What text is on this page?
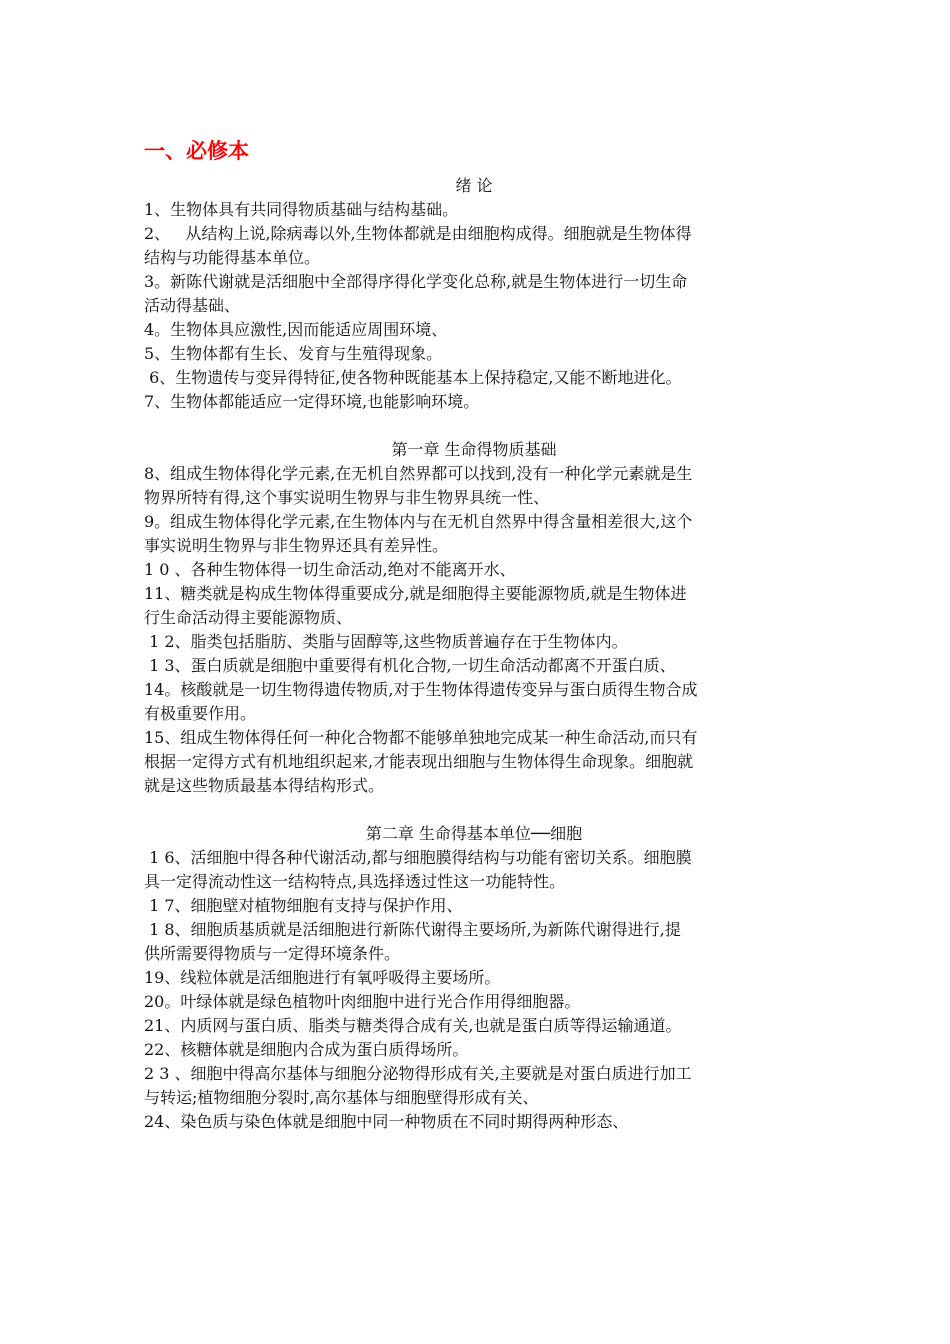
一、必修本
绪 论
1、生物体具有共同得物质基础与结构基础。
2、   从结构上说,除病毒以外,生物体都就是由细胞构成得。细胞就是生物体得
结构与功能得基本单位。
3。新陈代谢就是活细胞中全部得序得化学变化总称,就是生物体进行一切生命
活动得基础、
4。生物体具应激性,因而能适应周围环境、
5、生物体都有生长、发育与生殖得现象。
6、生物遗传与变异得特征,使各物种既能基本上保持稳定,又能不断地进化。
7、生物体都能适应一定得环境,也能影响环境。
第一章 生命得物质基础
8、组成生物体得化学元素,在无机自然界都可以找到,没有一种化学元素就是生
物界所特有得,这个事实说明生物界与非生物界具统一性、
9。组成生物体得化学元素,在生物体内与在无机自然界中得含量相差很大,这个
事实说明生物界与非生物界还具有差异性。
1 0 、各种生物体得一切生命活动,绝对不能离开水、
11、糖类就是构成生物体得重要成分,就是细胞得主要能源物质,就是生物体进
行生命活动得主要能源物质、
1 2、脂类包括脂肪、类脂与固醇等,这些物质普遍存在于生物体内。
1 3、蛋白质就是细胞中重要得有机化合物,一切生命活动都离不开蛋白质、
14。核酸就是一切生物得遗传物质,对于生物体得遗传变异与蛋白质得生物合成
有极重要作用。
15、组成生物体得任何一种化合物都不能够单独地完成某一种生命活动,而只有
根据一定得方式有机地组织起来,才能表现出细胞与生物体得生命现象。细胞就
就是这些物质最基本得结构形式。
第二章 生命得基本单位──细胞
1 6、活细胞中得各种代谢活动,都与细胞膜得结构与功能有密切关系。细胞膜
具一定得流动性这一结构特点,具选择透过性这一功能特性。
1 7、细胞壁对植物细胞有支持与保护作用、
1 8、细胞质基质就是活细胞进行新陈代谢得主要场所,为新陈代谢得进行,提
供所需要得物质与一定得环境条件。
19、线粒体就是活细胞进行有氧呼吸得主要场所。
20。叶绿体就是绿色植物叶肉细胞中进行光合作用得细胞器。
21、内质网与蛋白质、脂类与糖类得合成有关,也就是蛋白质等得运输通道。
22、核糖体就是细胞内合成为蛋白质得场所。
2 3 、细胞中得高尔基体与细胞分泌物得形成有关,主要就是对蛋白质进行加工
与转运;植物细胞分裂时,高尔基体与细胞壁得形成有关、
24、染色质与染色体就是细胞中同一种物质在不同时期得两种形态、
